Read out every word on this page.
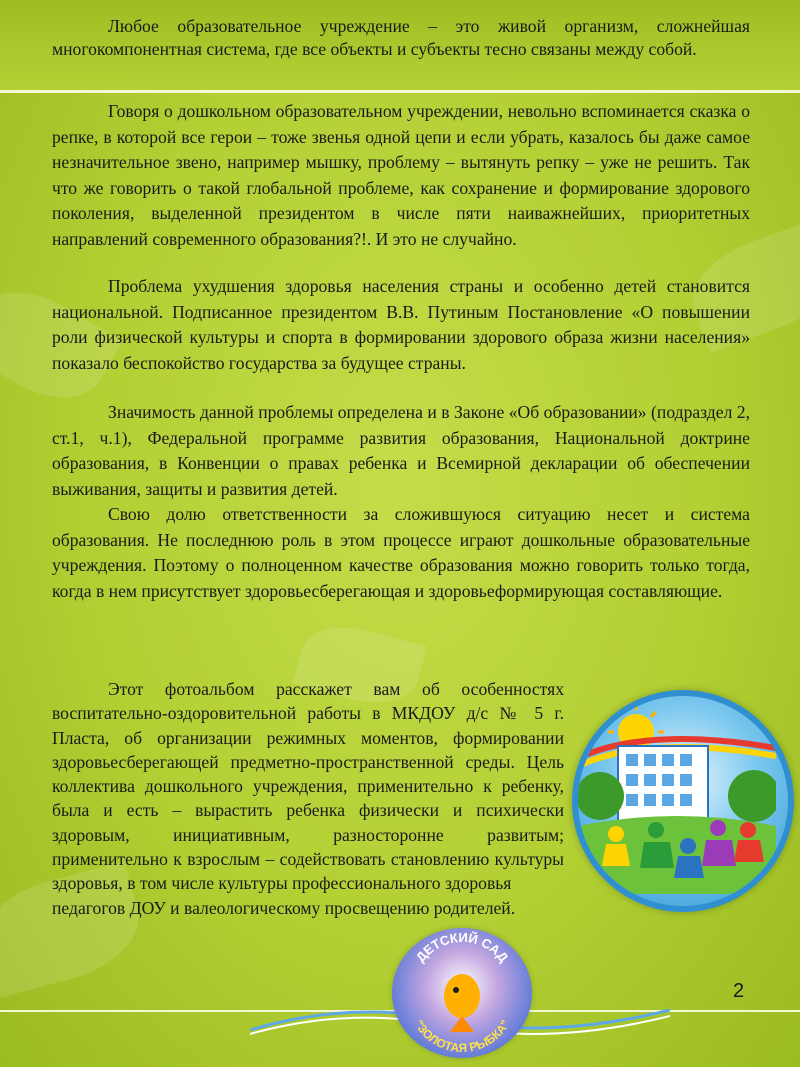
Любое образовательное учреждение – это живой организм, сложнейшая многокомпонентная система, где все объекты и субъекты тесно связаны между собой.

Говоря о дошкольном образовательном учреждении, невольно вспоминается сказка о репке, в которой все герои – тоже звенья одной цепи и если убрать, казалось бы даже самое незначительное звено, например мышку, проблему – вытянуть репку – уже не решить. Так что же говорить о такой глобальной проблеме, как сохранение и формирование здорового поколения, выделенной президентом в числе пяти наиважнейших, приоритетных направлений современного образования?!. И это не случайно.

Проблема ухудшения здоровья населения страны и особенно детей становится национальной. Подписанное президентом В.В. Путиным Постановление «О повышении роли физической культуры и спорта в формировании здорового образа жизни населения» показало беспокойство государства за будущее страны.

Значимость данной проблемы определена и в Законе «Об образовании» (подраздел 2, ст.1, ч.1), Федеральной программе развития образования, Национальной доктрине образования, в Конвенции о правах ребенка и Всемирной декларации об обеспечении выживания, защиты и развития детей.

Свою долю ответственности за сложившуюся ситуацию несет и система образования. Не последнюю роль в этом процессе играют дошкольные образовательные учреждения. Поэтому о полноценном качестве образования можно говорить только тогда, когда в нем присутствует здоровьесберегающая и здоровьеформирующая составляющие.

Этот фотоальбом расскажет вам об особенностях воспитательно-оздоровительной работы в МКДОУ д/с № 5 г. Пласта, об организации режимных моментов, формировании здоровьесберегающей предметно-пространственной среды. Цель коллектива дошкольного учреждения, применительно к ребенку, была и есть – вырастить ребенка физически и психически здоровым, инициативным, разносторонне развитым; применительно к взрослым – содействовать становлению культуры здоровья, в том числе культуры профессионального здоровья
педагогов ДОУ и валеологическому просвещению родителей.

ДЕТСКИЙ САД
"ЗОЛОТАЯ РЫБКА"
2
